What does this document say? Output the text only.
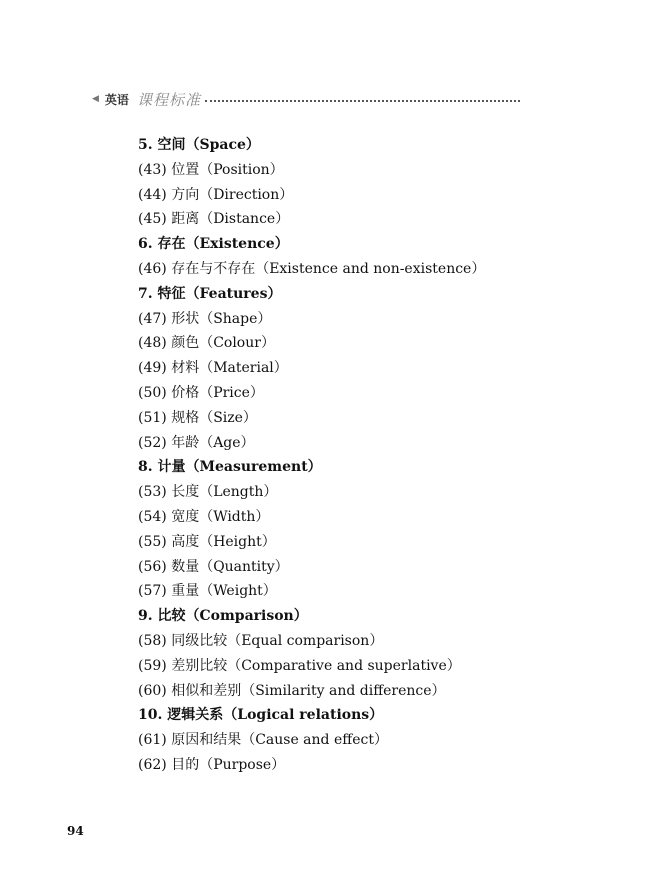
◀ 英语 课程标准
5. 空间（Space）
(43) 位置（Position）
(44) 方向（Direction）
(45) 距离（Distance）
6. 存在（Existence）
(46) 存在与不存在（Existence and non-existence）
7. 特征（Features）
(47) 形状（Shape）
(48) 颜色（Colour）
(49) 材料（Material）
(50) 价格（Price）
(51) 规格（Size）
(52) 年龄（Age）
8. 计量（Measurement）
(53) 长度（Length）
(54) 宽度（Width）
(55) 高度（Height）
(56) 数量（Quantity）
(57) 重量（Weight）
9. 比较（Comparison）
(58) 同级比较（Equal comparison）
(59) 差别比较（Comparative and superlative）
(60) 相似和差别（Similarity and difference）
10. 逻辑关系（Logical relations）
(61) 原因和结果（Cause and effect）
(62) 目的（Purpose）
94
